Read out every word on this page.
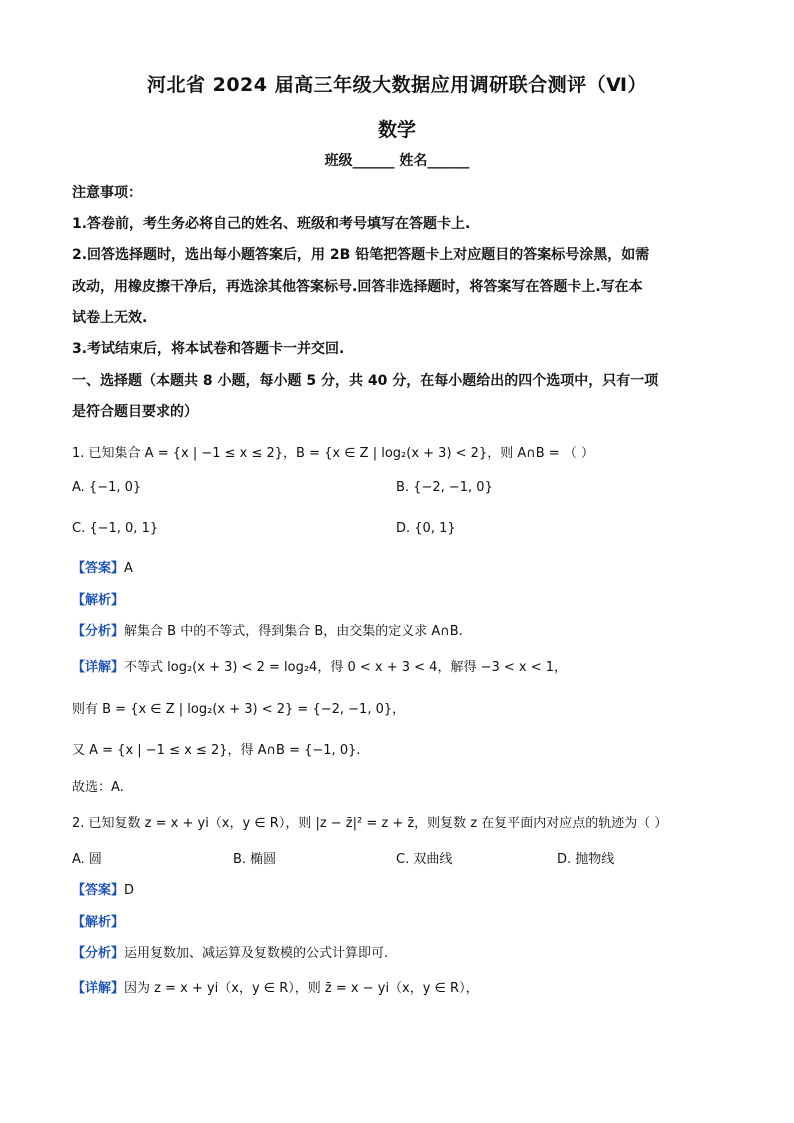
河北省 2024 届高三年级大数据应用调研联合测评（Ⅵ）
数学
班级______ 姓名______
注意事项：
1.答卷前，考生务必将自己的姓名、班级和考号填写在答题卡上.
2.回答选择题时，选出每小题答案后，用 2B 铅笔把答题卡上对应题目的答案标号涂黑，如需
改动，用橡皮擦干净后，再选涂其他答案标号.回答非选择题时，将答案写在答题卡上.写在本
试卷上无效.
3.考试结束后，将本试卷和答题卡一并交回.
一、选择题（本题共 8 小题，每小题 5 分，共 40 分，在每小题给出的四个选项中，只有一项
是符合题目要求的）
1. 已知集合 A = {x | −1 ≤ x ≤ 2}，B = {x ∈ Z | log₂(x + 3) < 2}，则 A∩B = （ ）
A. {−1, 0}	B. {−2, −1, 0}
C. {−1, 0, 1}	D. {0, 1}
【答案】A
【解析】
【分析】解集合 B 中的不等式，得到集合 B，由交集的定义求 A∩B.
【详解】不等式 log₂(x + 3) < 2 = log₂4，得 0 < x + 3 < 4，解得 −3 < x < 1，
则有 B = {x ∈ Z | log₂(x + 3) < 2} = {−2, −1, 0}，
又 A = {x | −1 ≤ x ≤ 2}，得 A∩B = {−1, 0}.
故选：A.
2. 已知复数 z = x + yi（x，y ∈ R），则 |z − z̄|² = z + z̄，则复数 z 在复平面内对应点的轨迹为（ ）
A. 圆	B. 椭圆	C. 双曲线	D. 抛物线
【答案】D
【解析】
【分析】运用复数加、减运算及复数模的公式计算即可.
【详解】因为 z = x + yi（x，y ∈ R），则 z̄ = x − yi（x，y ∈ R），
